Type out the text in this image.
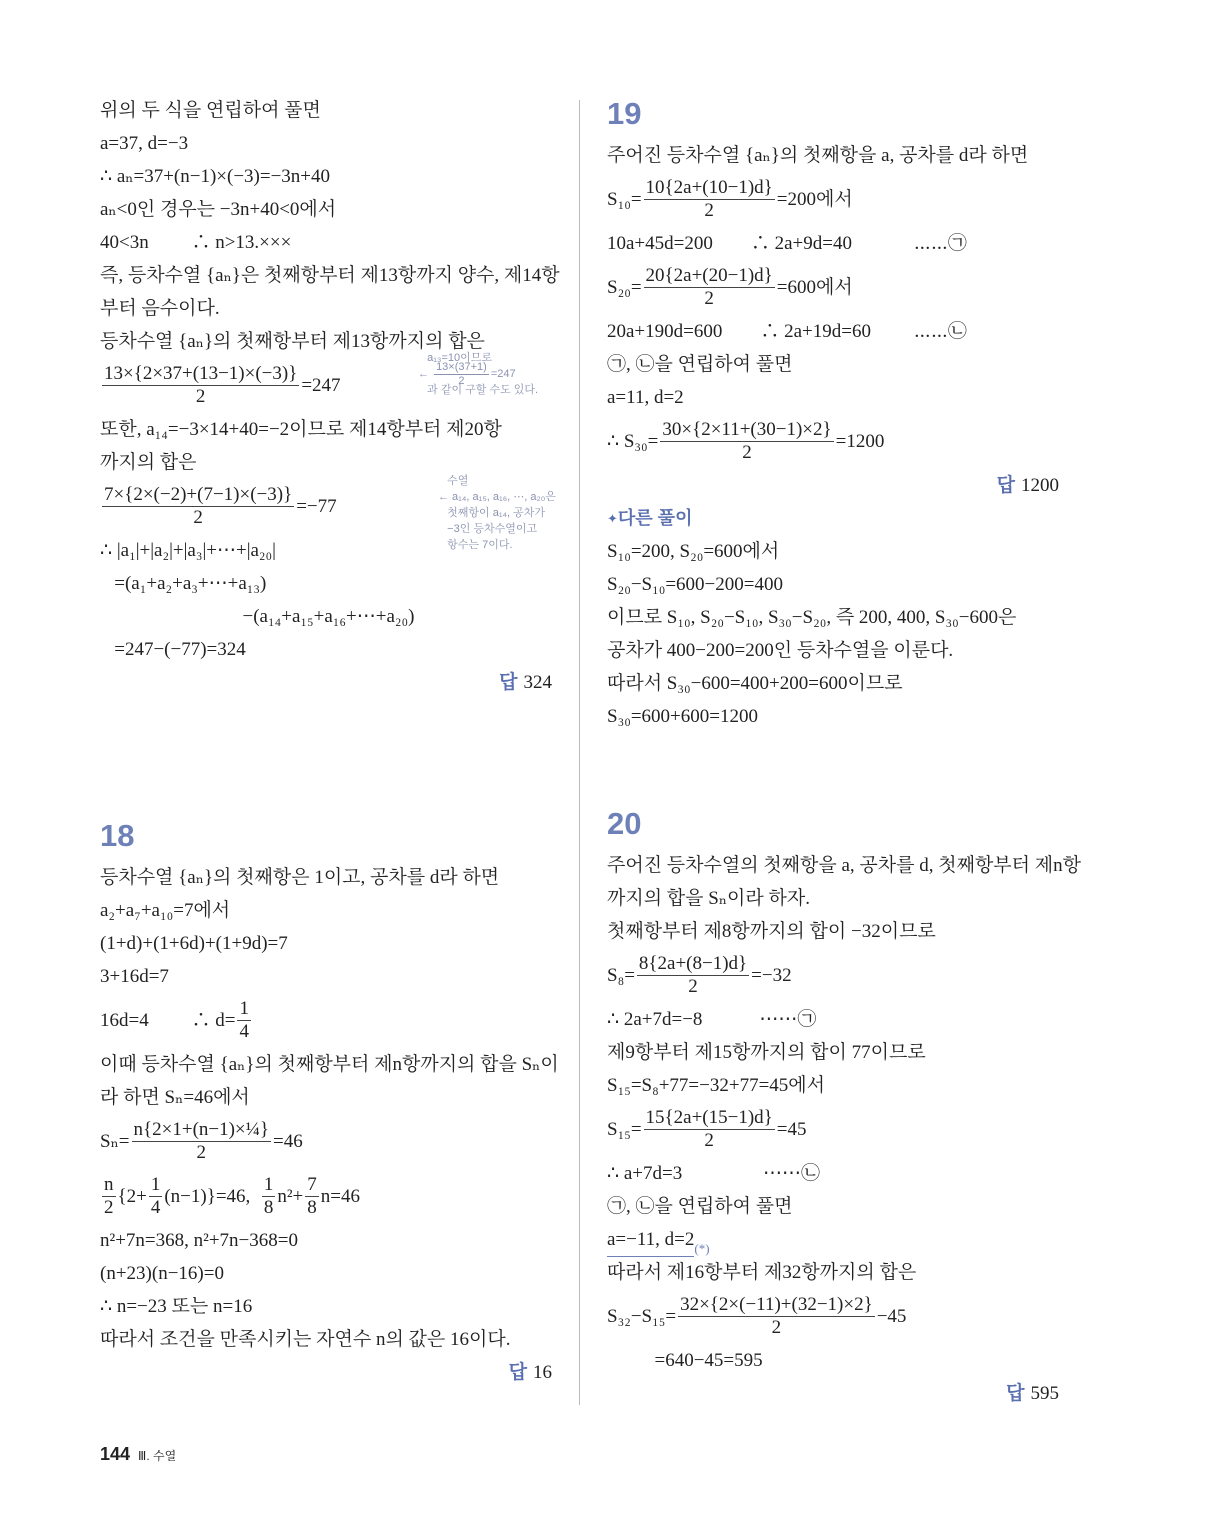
위의 두 식을 연립하여 풀면
a=37, d=−3
∴ aₙ=37+(n−1)×(−3)=−3n+40
aₙ<0인 경우는 −3n+40<0에서
40<3n　　 ∴ n>13.×××
즉, 등차수열 {aₙ}은 첫째항부터 제13항까지 양수, 제14항
부터 음수이다.
등차수열 {aₙ}의 첫째항부터 제13항까지의 합은
$\frac{13\times\{2\times 37+(13-1)\times(-3)\}}{2} =247$
a₁₃=10이므로
← $\frac{13\times(37+1)}{2} =247$
과 같이 구할 수도 있다.
또한, a₁₄=−3×14+40=−2이므로 제14항부터 제20항
까지의 합은
$\frac{7\times\{2\times(-2)+(7-1)\times(-3)\}}{2} =-77$
수열
← a₁₄, a₁₅, a₁₆, ⋯, a₂₀은
첫째항이 a₁₄, 공차가
−3인 등차수열이고
항수는 7이다.
∴ |a₁|+|a₂|+|a₃|+⋯+|a₂₀|
=(a₁+a₂+a₃+⋯+a₁₃)
−(a₁₄+a₁₅+a₁₆+⋯+a₂₀)
=247−(−77)=324
답 324
18
등차수열 {aₙ}의 첫째항은 1이고, 공차를 d라 하면
a₂+a₇+a₁₀=7에서
(1+d)+(1+6d)+(1+9d)=7
3+16d=7
16d=4　　 ∴ $d= \frac{1}{4}$
이때 등차수열 {aₙ}의 첫째항부터 제n항까지의 합을 Sₙ이
라 하면 Sₙ=46에서
$S_n= \frac{\text{n\{2×1+(n−1)×¼\}}}{2} =46$
$\frac{n}{2} \{2+ \frac{1}{4} (n-1)\}=46$, $\frac{1}{8} n^2+ \frac{7}{8} n=46$
n²+7n=368, n²+7n−368=0
(n+23)(n−16)=0
∴ n=−23 또는 n=16
따라서 조건을 만족시키는 자연수 n의 값은 16이다.
답 16
19
주어진 등차수열 {aₙ}의 첫째항을 a, 공차를 d라 하면
$S_{10}= \frac{10\{2a+(10-1)d\}}{2} =200$에서
10a+45d=200　　∴ 2a+9d=40　　　 ⋯⋯㉠
$S_{20}= \frac{20\{2a+(20-1)d\}}{2} =600$에서
20a+190d=600　　∴ 2a+19d=60　　 ⋯⋯㉡
㉠, ㉡을 연립하여 풀면
a=11, d=2
∴ $S_{30}= \frac{30\times\{2\times 11+(30-1)\times 2\}}{2} =1200$
답 1200
✦다른 풀이
S₁₀=200, S₂₀=600에서
S₂₀−S₁₀=600−200=400
이므로 S₁₀, S₂₀−S₁₀, S₃₀−S₂₀, 즉 200, 400, S₃₀−600은
공차가 400−200=200인 등차수열을 이룬다.
따라서 S₃₀−600=400+200=600이므로
S₃₀=600+600=1200
20
주어진 등차수열의 첫째항을 a, 공차를 d, 첫째항부터 제n항
까지의 합을 Sₙ이라 하자.
첫째항부터 제8항까지의 합이 −32이므로
$S_8= \frac{8\{2a+(8-1)d\}}{2} =-32$
∴ 2a+7d=−8　　　⋯⋯㉠
제9항부터 제15항까지의 합이 77이므로
S₁₅=S₈+77=−32+77=45에서
$S_{15}= \frac{15\{2a+(15-1)d\}}{2} =45$
∴ a+7d=3　　　　 ⋯⋯㉡
㉠, ㉡을 연립하여 풀면
a=−11, d=2 (*)
따라서 제16항부터 제32항까지의 합은
$S_{32}-S_{15}= \frac{32\times\{2\times(-11)+(32-1)\times 2\}}{2} -45$
=640−45=595
답 595
144 Ⅲ. 수열
